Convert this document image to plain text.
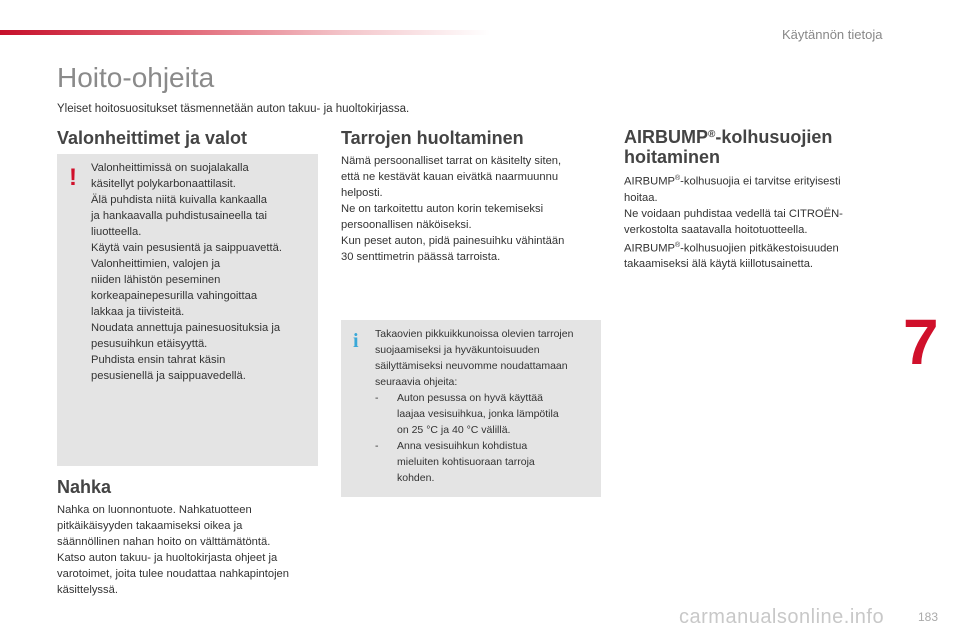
Käytännön tietoja
Hoito-ohjeita
Yleiset hoitosuositukset täsmennetään auton takuu- ja huoltokirjassa.
Valonheittimet ja valot
! Valonheittimissä on suojalakalla
käsitellyt polykarbonaattilasit.
Älä puhdista niitä kuivalla kankaalla
ja hankaavalla puhdistusaineella tai
liuotteella.
Käytä vain pesusientä ja saippuavettä.
Valonheittimien, valojen ja
niiden lähistön peseminen
korkeapainepesurilla vahingoittaa
lakkaa ja tiivisteitä.
Noudata annettuja painesuosituksia ja
pesusuihkun etäisyyttä.
Puhdista ensin tahrat käsin
pesusienellä ja saippuavedellä.
Nahka
Nahka on luonnontuote. Nahkatuotteen
pitkäikäisyyden takaamiseksi oikea ja
säännöllinen nahan hoito on välttämätöntä.
Katso auton takuu- ja huoltokirjasta ohjeet ja
varotoimet, joita tulee noudattaa nahkapintojen
käsittelyssä.
Tarrojen huoltaminen
Nämä persoonalliset tarrat on käsitelty siten,
että ne kestävät kauan eivätkä naarmuunnu
helposti.
Ne on tarkoitettu auton korin tekemiseksi
persoonallisen näköiseksi.
Kun peset auton, pidä painesuihku vähintään
30 senttimetrin päässä tarroista.
i Takaovien pikkuikkunoissa olevien tarrojen
suojaamiseksi ja hyväkuntoisuuden
säilyttämiseksi neuvomme noudattamaan
seuraavia ohjeita:
- Auton pesussa on hyvä käyttää
laajaa vesisuihkua, jonka lämpötila
on 25 °C ja 40 °C välillä.
- Anna vesisuihkun kohdistua
mieluiten kohtisuoraan tarroja
kohden.
AIRBUMP®-kolhusuojien
hoitaminen
AIRBUMP®-kolhusuojia ei tarvitse erityisesti
hoitaa.
Ne voidaan puhdistaa vedellä tai CITROËN-
verkostolta saatavalla hoitotuotteella.
AIRBUMP®-kolhusuojien pitkäkestoisuuden
takaamiseksi älä käytä kiillotusainetta.
7
carmanualsonline.info	183
